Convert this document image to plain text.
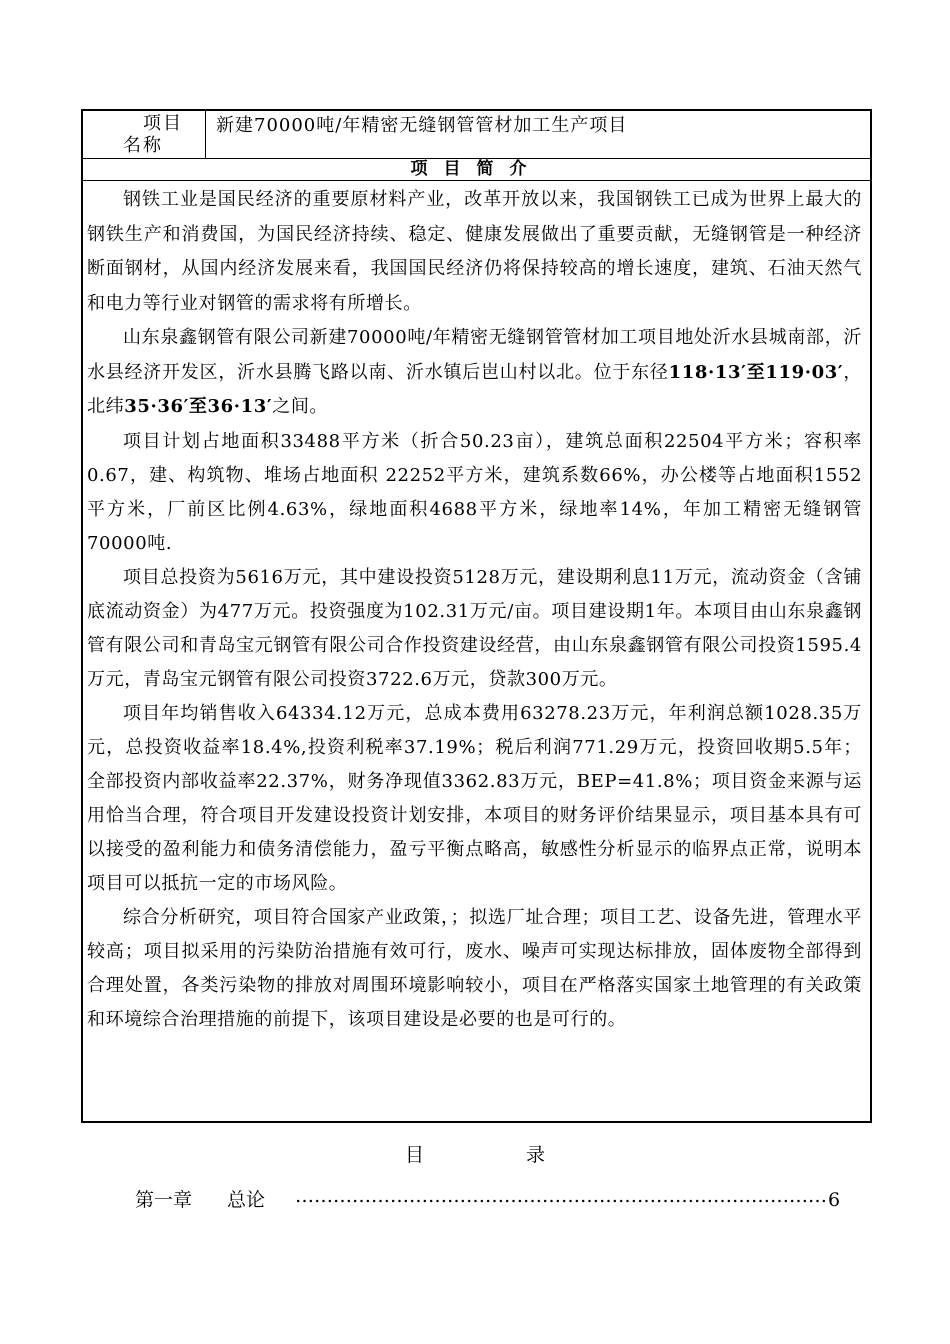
项目
名称
新建70000吨/年精密无缝钢管管材加工生产项目
项目简介

钢铁工业是国民经济的重要原材料产业，改革开放以来，我国钢铁工已成为世界上最大的钢铁生产和消费国，为国民经济持续、稳定、健康发展做出了重要贡献，无缝钢管是一种经济断面钢材，从国内经济发展来看，我国国民经济仍将保持较高的增长速度，建筑、石油天然气和电力等行业对钢管的需求将有所增长。

山东泉鑫钢管有限公司新建70000吨/年精密无缝钢管管材加工项目地处沂水县城南部，沂水县经济开发区，沂水县腾飞路以南、沂水镇后岜山村以北。位于东径118·13′至119·03′，北纬35·36′至36·13′之间。

项目计划占地面积33488平方米（折合50.23亩），建筑总面积22504平方米；容积率0.67，建、构筑物、堆场占地面积 22252平方米，建筑系数66%，办公楼等占地面积1552平方米，厂前区比例4.63%，绿地面积4688平方米，绿地率14%，年加工精密无缝钢管70000吨.

项目总投资为5616万元，其中建设投资5128万元，建设期利息11万元，流动资金（含铺底流动资金）为477万元。投资强度为102.31万元/亩。项目建设期1年。本项目由山东泉鑫钢管有限公司和青岛宝元钢管有限公司合作投资建设经营，由山东泉鑫钢管有限公司投资1595.4万元，青岛宝元钢管有限公司投资3722.6万元，贷款300万元。

项目年均销售收入64334.12万元，总成本费用63278.23万元，年利润总额1028.35万元，总投资收益率18.4%,投资利税率37.19%；税后利润771.29万元，投资回收期5.5年；全部投资内部收益率22.37%，财务净现值3362.83万元，BEP=41.8%；项目资金来源与运用恰当合理，符合项目开发建设投资计划安排，本项目的财务评价结果显示，项目基本具有可以接受的盈利能力和债务清偿能力，盈亏平衡点略高，敏感性分析显示的临界点正常，说明本项目可以抵抗一定的市场风险。

综合分析研究，项目符合国家产业政策，；拟选厂址合理；项目工艺、设备先进，管理水平较高；项目拟采用的污染防治措施有效可行，废水、噪声可实现达标排放，固体废物全部得到合理处置，各类污染物的排放对周围环境影响较小，项目在严格落实国家土地管理的有关政策和环境综合治理措施的前提下，该项目建设是必要的也是可行的。

目	录
第一章 总论 ………………………………………………………………………… 6
